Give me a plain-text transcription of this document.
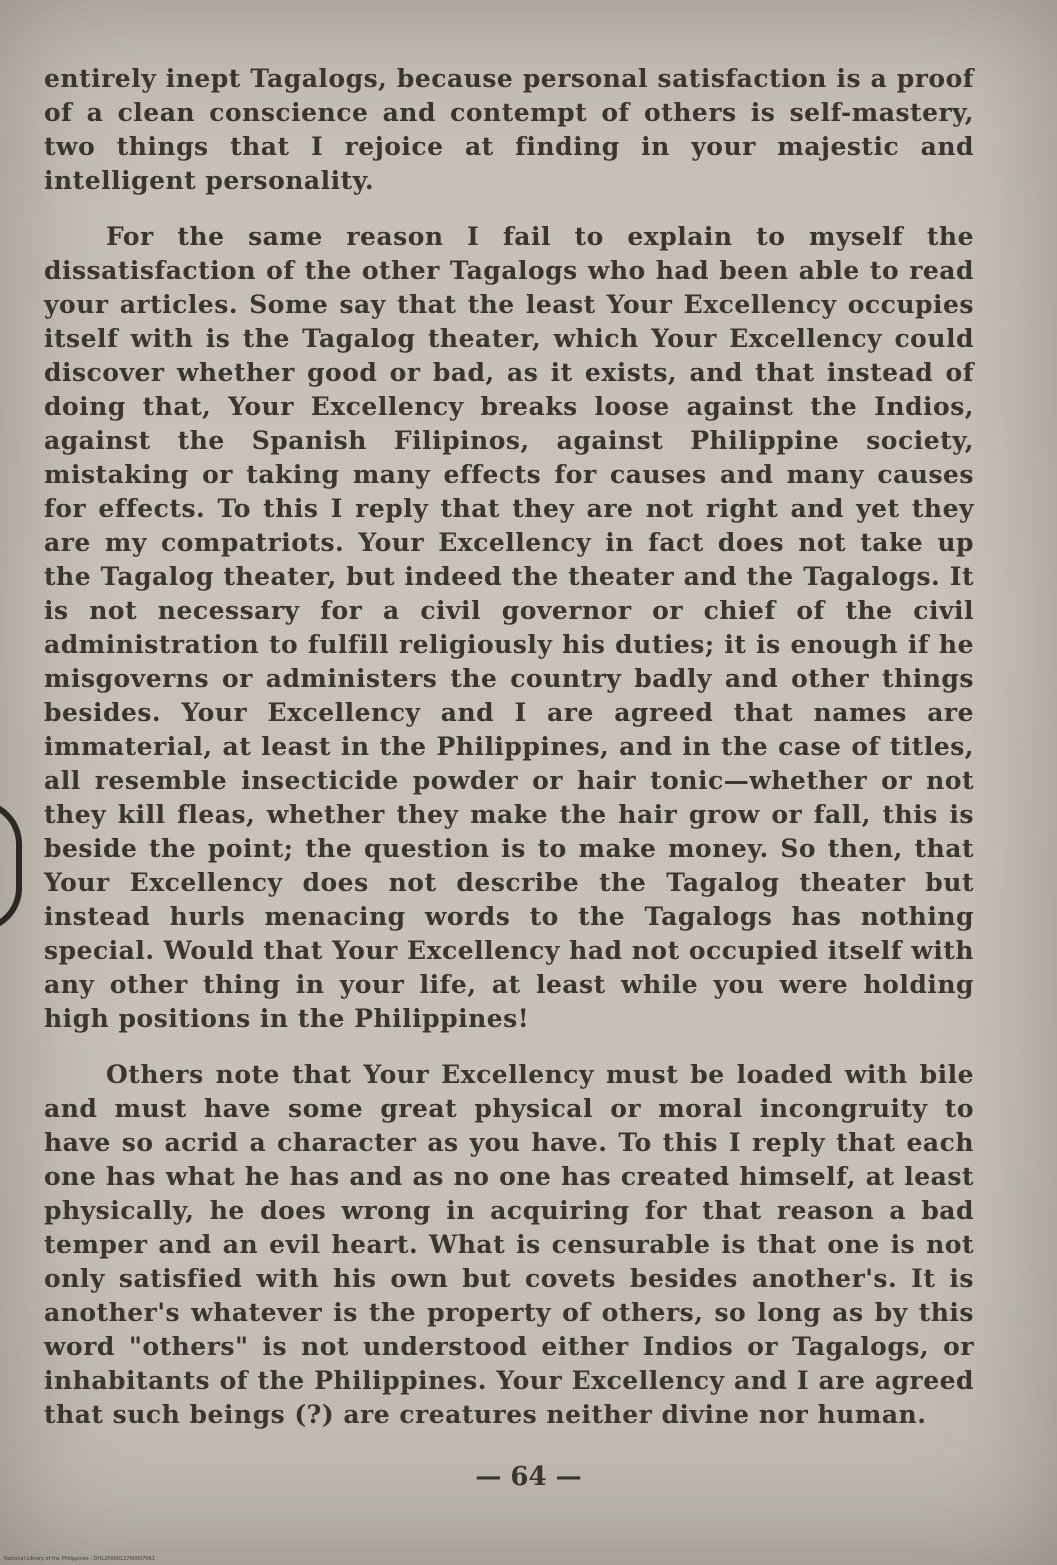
entirely inept Tagalogs, because personal satisfaction is a proof of a clean conscience and contempt of others is self-mastery, two things that I rejoice at finding in your majestic and intelligent personality.

For the same reason I fail to explain to myself the dissatisfaction of the other Tagalogs who had been able to read your articles. Some say that the least Your Excellency occupies itself with is the Tagalog theater, which Your Excellency could discover whether good or bad, as it exists, and that instead of doing that, Your Excellency breaks loose against the Indios, against the Spanish Filipinos, against Philippine society, mistaking or taking many effects for causes and many causes for effects. To this I reply that they are not right and yet they are my compatriots. Your Excellency in fact does not take up the Tagalog theater, but indeed the theater and the Tagalogs. It is not necessary for a civil governor or chief of the civil administration to fulfill religiously his duties; it is enough if he misgoverns or administers the country badly and other things besides. Your Excellency and I are agreed that names are immaterial, at least in the Philippines, and in the case of titles, all resemble insecticide powder or hair tonic—whether or not they kill fleas, whether they make the hair grow or fall, this is beside the point; the question is to make money. So then, that Your Excellency does not describe the Tagalog theater but instead hurls menacing words to the Tagalogs has nothing special. Would that Your Excellency had not occupied itself with any other thing in your life, at least while you were holding high positions in the Philippines!

Others note that Your Excellency must be loaded with bile and must have some great physical or moral incongruity to have so acrid a character as you have. To this I reply that each one has what he has and as no one has created himself, at least physically, he does wrong in acquiring for that reason a bad temper and an evil heart. What is censurable is that one is not only satisfied with his own but covets besides another's. It is another's whatever is the property of others, so long as by this word "others" is not understood either Indios or Tagalogs, or inhabitants of the Philippines. Your Excellency and I are agreed that such beings (?) are creatures neither divine nor human.

— 64 —
National Library of the Philippines · DH12P00012700007061
